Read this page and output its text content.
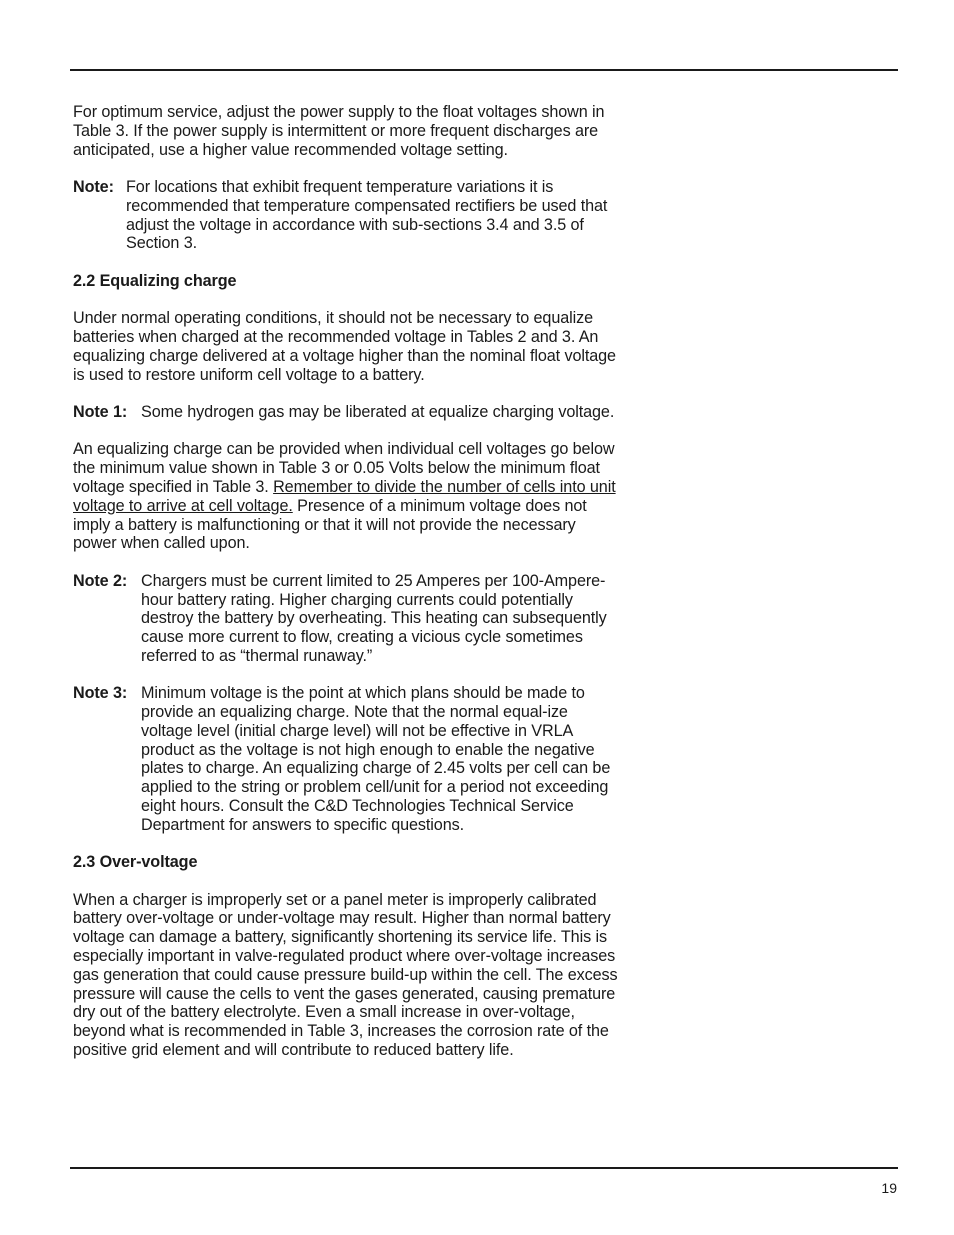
For optimum service, adjust the power supply to the float voltages shown in Table 3. If the power supply is intermittent or more frequent discharges are anticipated, use a higher value recommended voltage setting.

Note: For locations that exhibit frequent temperature variations it is recommended that temperature compensated rectifiers be used that adjust the voltage in accordance with sub-sections 3.4 and 3.5 of Section 3.
2.2 Equalizing charge

Under normal operating conditions, it should not be necessary to equalize batteries when charged at the recommended voltage in Tables 2 and 3. An equalizing charge delivered at a voltage higher than the nominal float voltage is used to restore uniform cell voltage to a battery.

Note 1: Some hydrogen gas may be liberated at equalize charging voltage.

An equalizing charge can be provided when individual cell voltages go below the minimum value shown in Table 3 or 0.05 Volts below the minimum float voltage specified in Table 3. Remember to divide the number of cells into unit voltage to arrive at cell voltage. Presence of a minimum voltage does not imply a battery is malfunctioning or that it will not provide the necessary power when called upon.

Note 2: Chargers must be current limited to 25 Amperes per 100-Ampere-hour battery rating. Higher charging currents could potentially destroy the battery by overheating. This heating can subsequently cause more current to flow, creating a vicious cycle sometimes referred to as “thermal runaway.”
Note 3: Minimum voltage is the point at which plans should be made to provide an equalizing charge. Note that the normal equal-ize voltage level (initial charge level) will not be effective in VRLA product as the voltage is not high enough to enable the negative plates to charge. An equalizing charge of 2.45 volts per cell can be applied to the string or problem cell/unit for a period not exceeding eight hours. Consult the C&D Technologies Technical Service Department for answers to specific questions.
2.3 Over-voltage

When a charger is improperly set or a panel meter is improperly calibrated battery over-voltage or under-voltage may result. Higher than normal battery voltage can damage a battery, significantly shortening its service life. This is especially important in valve-regulated product where over-voltage increases gas generation that could cause pressure build-up within the cell. The excess pressure will cause the cells to vent the gases generated, causing premature dry out of the battery electrolyte. Even a small increase in over-voltage, beyond what is recommended in Table 3, increases the corrosion rate of the positive grid element and will contribute to reduced battery life.

19
